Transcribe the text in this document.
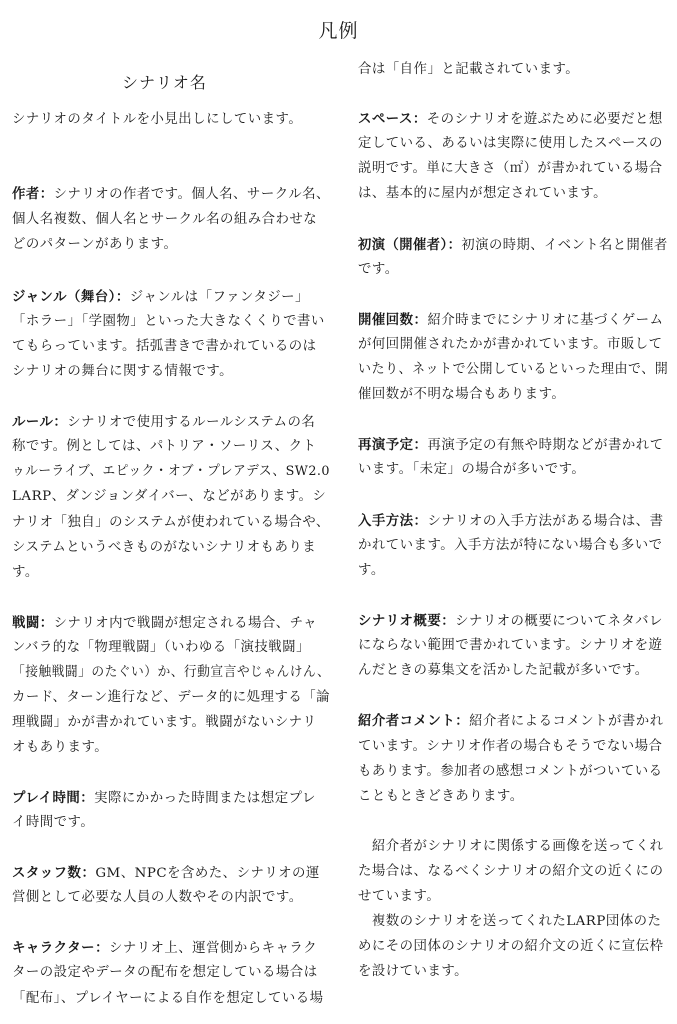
凡例
シナリオ名
シナリオのタイトルを小見出しにしています。
作者：シナリオの作者です。個人名、サークル名、
個人名複数、個人名とサークル名の組み合わせな
どのパターンがあります。
ジャンル（舞台）：ジャンルは「ファンタジー」
「ホラー」「学園物」といった大きなくくりで書い
てもらっています。括弧書きで書かれているのは
シナリオの舞台に関する情報です。
ルール：シナリオで使用するルールシステムの名
称です。例としては、パトリア・ソーリス、クト
ゥルーライブ、エピック・オブ・プレアデス、SW2.0
LARP、ダンジョンダイバー、などがあります。シ
ナリオ「独自」のシステムが使われている場合や、
システムというべきものがないシナリオもありま
す。
戦闘：シナリオ内で戦闘が想定される場合、チャ
ンバラ的な「物理戦闘」（いわゆる「演技戦闘」
「接触戦闘」のたぐい）か、行動宣言やじゃんけん、
カード、ターン進行など、データ的に処理する「論
理戦闘」かが書かれています。戦闘がないシナリ
オもあります。
プレイ時間：実際にかかった時間または想定プレ
イ時間です。
スタッフ数：GM、NPCを含めた、シナリオの運
営側として必要な人員の人数やその内訳です。
キャラクター：シナリオ上、運営側からキャラク
ターの設定やデータの配布を想定している場合は
「配布」、プレイヤーによる自作を想定している場
合は「自作」と記載されています。
スペース：そのシナリオを遊ぶために必要だと想
定している、あるいは実際に使用したスペースの
説明です。単に大きさ（㎡）が書かれている場合
は、基本的に屋内が想定されています。
初演（開催者）：初演の時期、イベント名と開催者
です。
開催回数：紹介時までにシナリオに基づくゲーム
が何回開催されたかが書かれています。市販して
いたり、ネットで公開しているといった理由で、開
催回数が不明な場合もあります。
再演予定：再演予定の有無や時期などが書かれて
います。「未定」の場合が多いです。
入手方法：シナリオの入手方法がある場合は、書
かれています。入手方法が特にない場合も多いで
す。
シナリオ概要：シナリオの概要についてネタバレ
にならない範囲で書かれています。シナリオを遊
んだときの募集文を活かした記載が多いです。
紹介者コメント：紹介者によるコメントが書かれ
ています。シナリオ作者の場合もそうでない場合
もあります。参加者の感想コメントがついている
こともときどきあります。
　紹介者がシナリオに関係する画像を送ってくれ
た場合は、なるべくシナリオの紹介文の近くにの
せています。
　複数のシナリオを送ってくれたLARP団体のた
めにその団体のシナリオの紹介文の近くに宣伝枠
を設けています。
